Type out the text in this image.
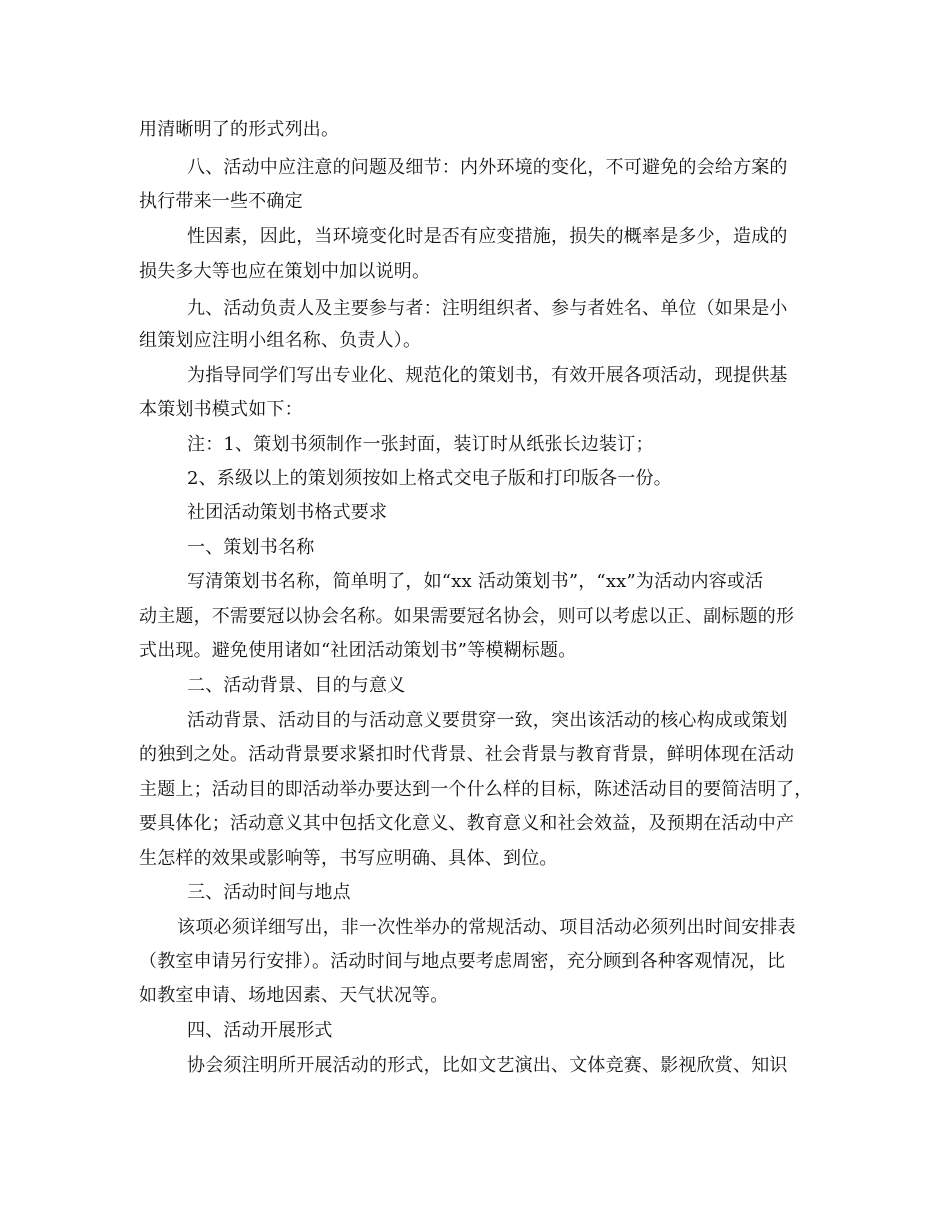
用清晰明了的形式列出。

八、活动中应注意的问题及细节：内外环境的变化，不可避免的会给方案的

执行带来一些不确定

性因素，因此，当环境变化时是否有应变措施，损失的概率是多少，造成的

损失多大等也应在策划中加以说明。

九、活动负责人及主要参与者：注明组织者、参与者姓名、单位（如果是小

组策划应注明小组名称、负责人）。

为指导同学们写出专业化、规范化的策划书，有效开展各项活动，现提供基

本策划书模式如下：

注：1、策划书须制作一张封面，装订时从纸张长边装订；

2、系级以上的策划须按如上格式交电子版和打印版各一份。

社团活动策划书格式要求

一、策划书名称

写清策划书名称，简单明了，如“xx 活动策划书”，“xx”为活动内容或活

动主题，不需要冠以协会名称。如果需要冠名协会，则可以考虑以正、副标题的形

式出现。避免使用诸如“社团活动策划书”等模糊标题。

二、活动背景、目的与意义

活动背景、活动目的与活动意义要贯穿一致，突出该活动的核心构成或策划

的独到之处。活动背景要求紧扣时代背景、社会背景与教育背景，鲜明体现在活动

主题上；活动目的即活动举办要达到一个什么样的目标，陈述活动目的要简洁明了，

要具体化；活动意义其中包括文化意义、教育意义和社会效益，及预期在活动中产

生怎样的效果或影响等，书写应明确、具体、到位。

三、活动时间与地点

该项必须详细写出，非一次性举办的常规活动、项目活动必须列出时间安排表

（教室申请另行安排）。活动时间与地点要考虑周密，充分顾到各种客观情况，比

如教室申请、场地因素、天气状况等。

四、活动开展形式

协会须注明所开展活动的形式，比如文艺演出、文体竞赛、影视欣赏、知识
